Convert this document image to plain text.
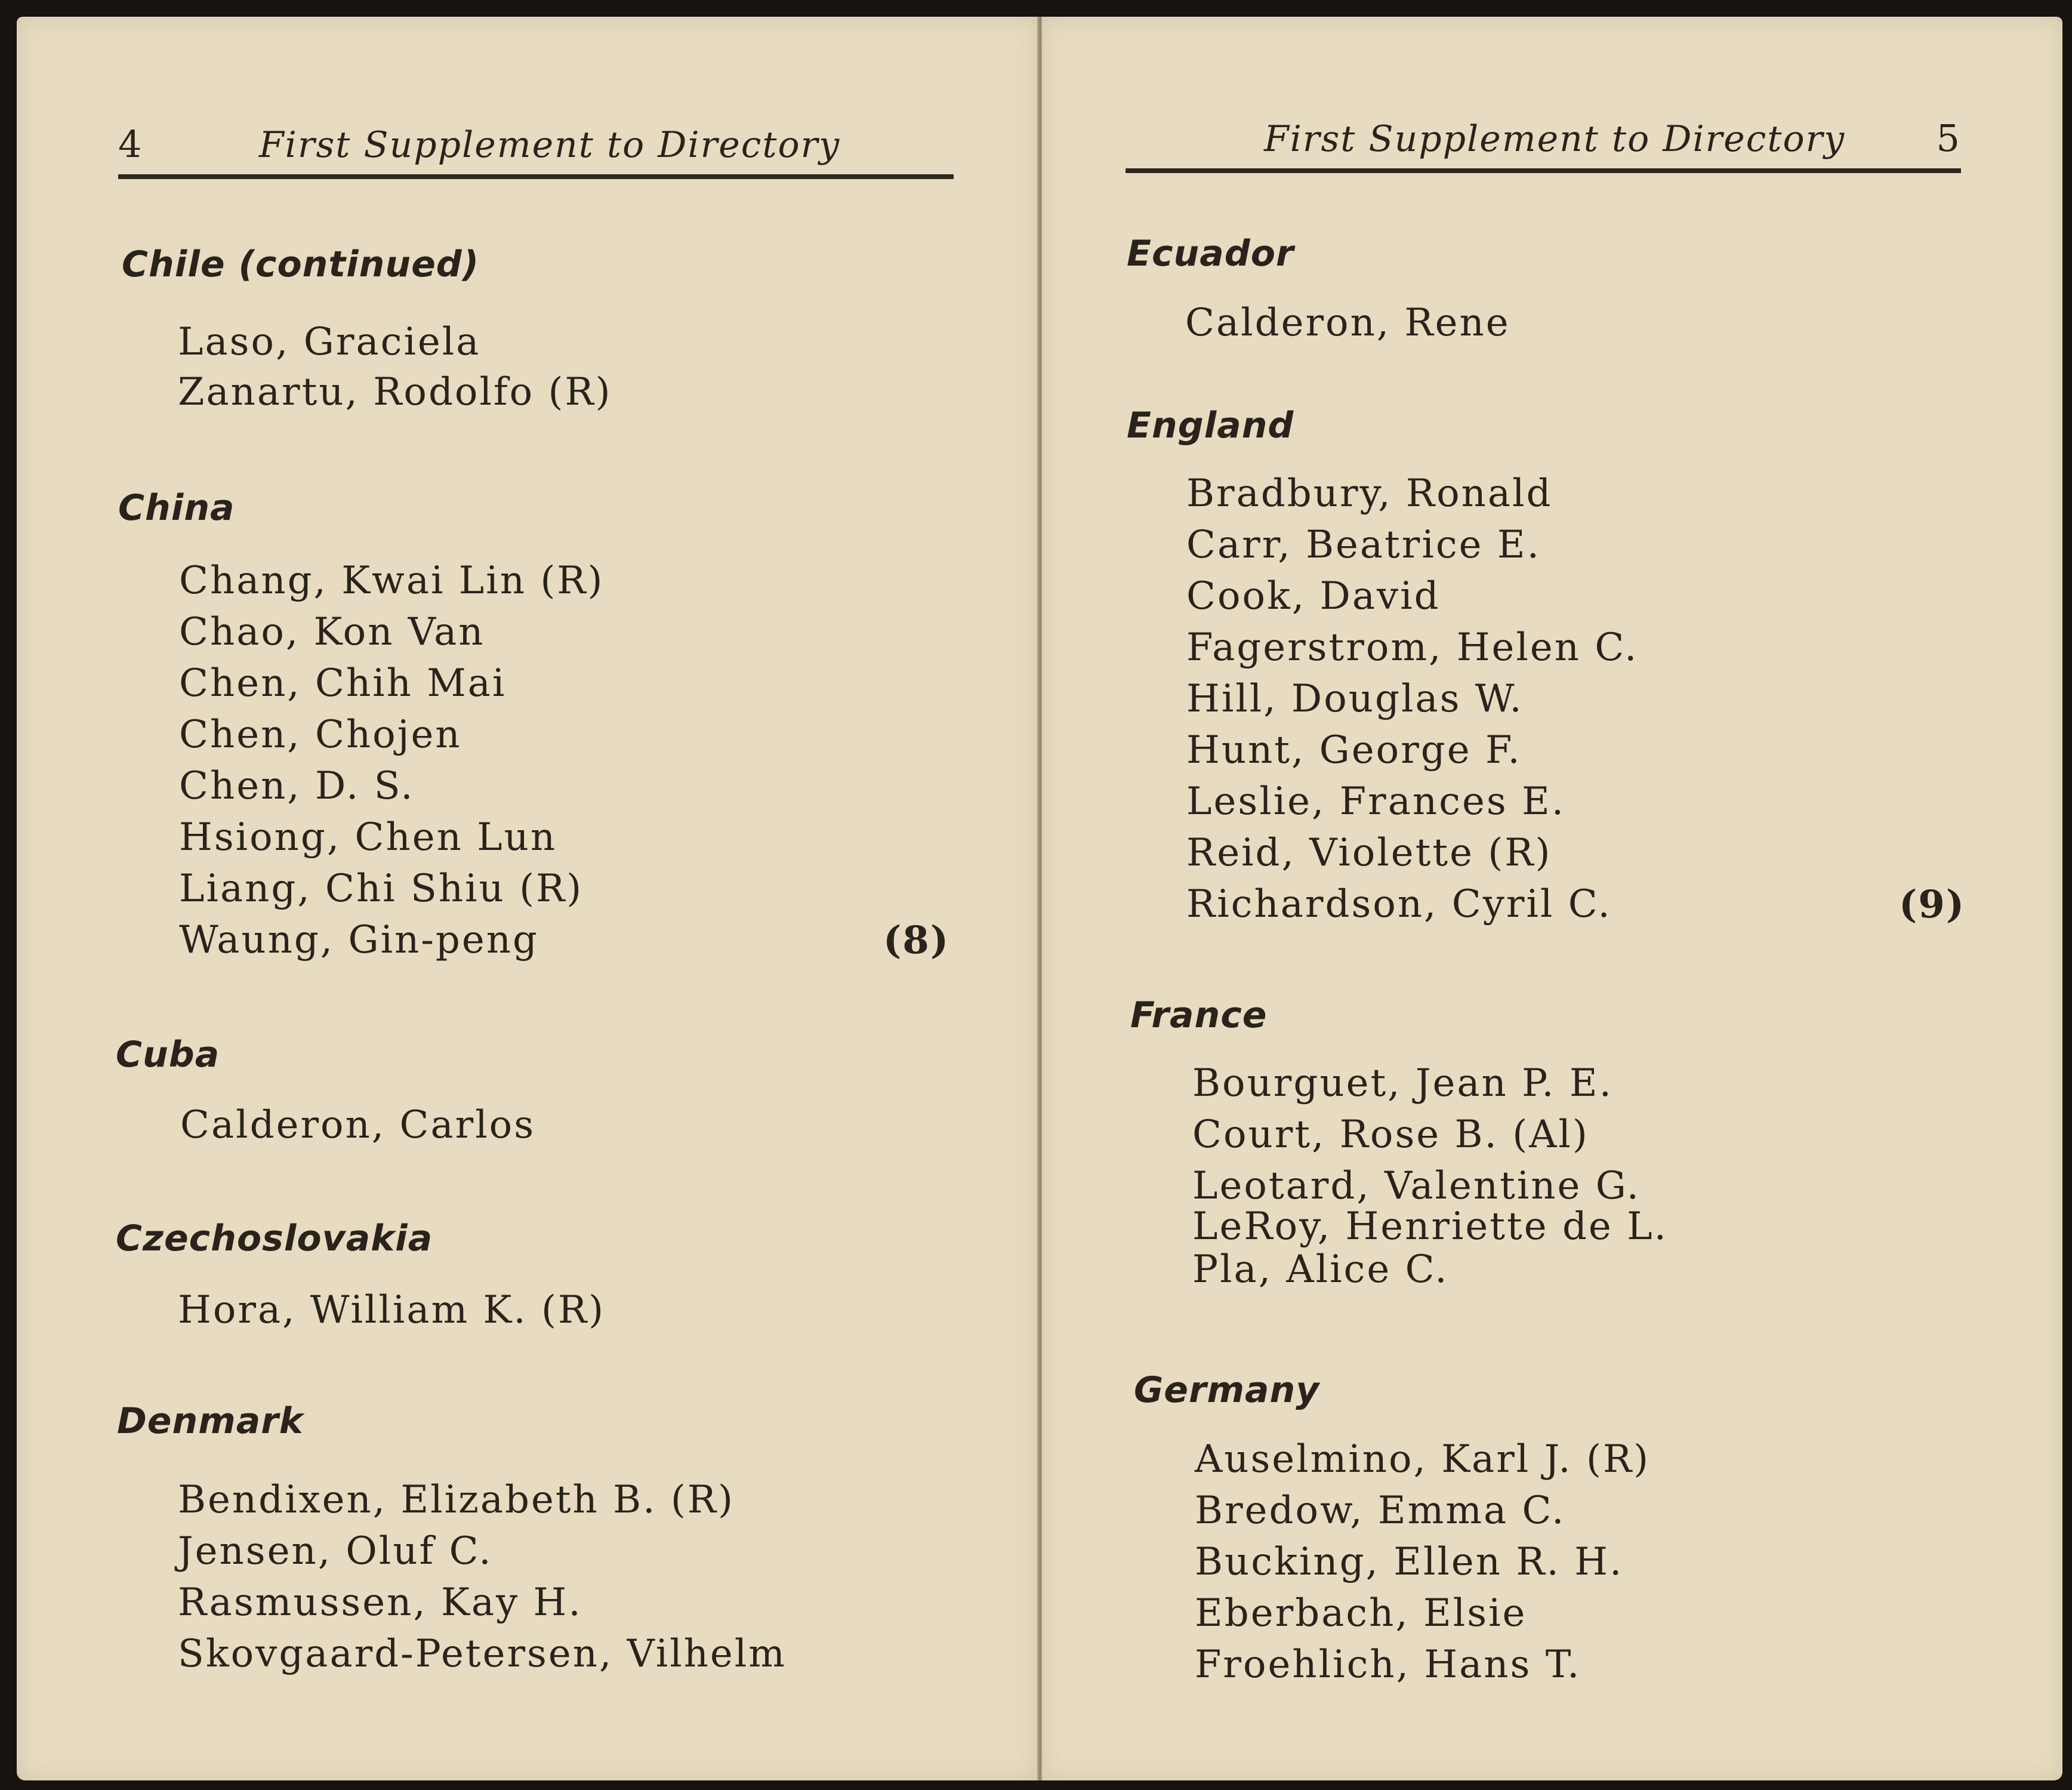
4	First Supplement to Directory
Chile (continued)
Laso, Graciela
Zanartu, Rodolfo (R)
China
Chang, Kwai Lin (R)
Chao, Kon Van
Chen, Chih Mai
Chen, Chojen
Chen, D. S.
Hsiong, Chen Lun
Liang, Chi Shiu (R)
Waung, Gin-peng	(8)
Cuba
Calderon, Carlos
Czechoslovakia
Hora, William K. (R)
Denmark
Bendixen, Elizabeth B. (R)
Jensen, Oluf C.
Rasmussen, Kay H.
Skovgaard-Petersen, Vilhelm
First Supplement to Directory 5
Ecuador
Calderon, Rene
England
Bradbury, Ronald
Carr, Beatrice E.
Cook, David
Fagerstrom, Helen C.
Hill, Douglas W.
Hunt, George F.
Leslie, Frances E.
Reid, Violette (R)
Richardson, Cyril C.	(9)
France
Bourguet, Jean P. E.
Court, Rose B. (Al)
Leotard, Valentine G.
LeRoy, Henriette de L.
Pla, Alice C.
Germany
Auselmino, Karl J. (R)
Bredow, Emma C.
Bucking, Ellen R. H.
Eberbach, Elsie
Froehlich, Hans T.
